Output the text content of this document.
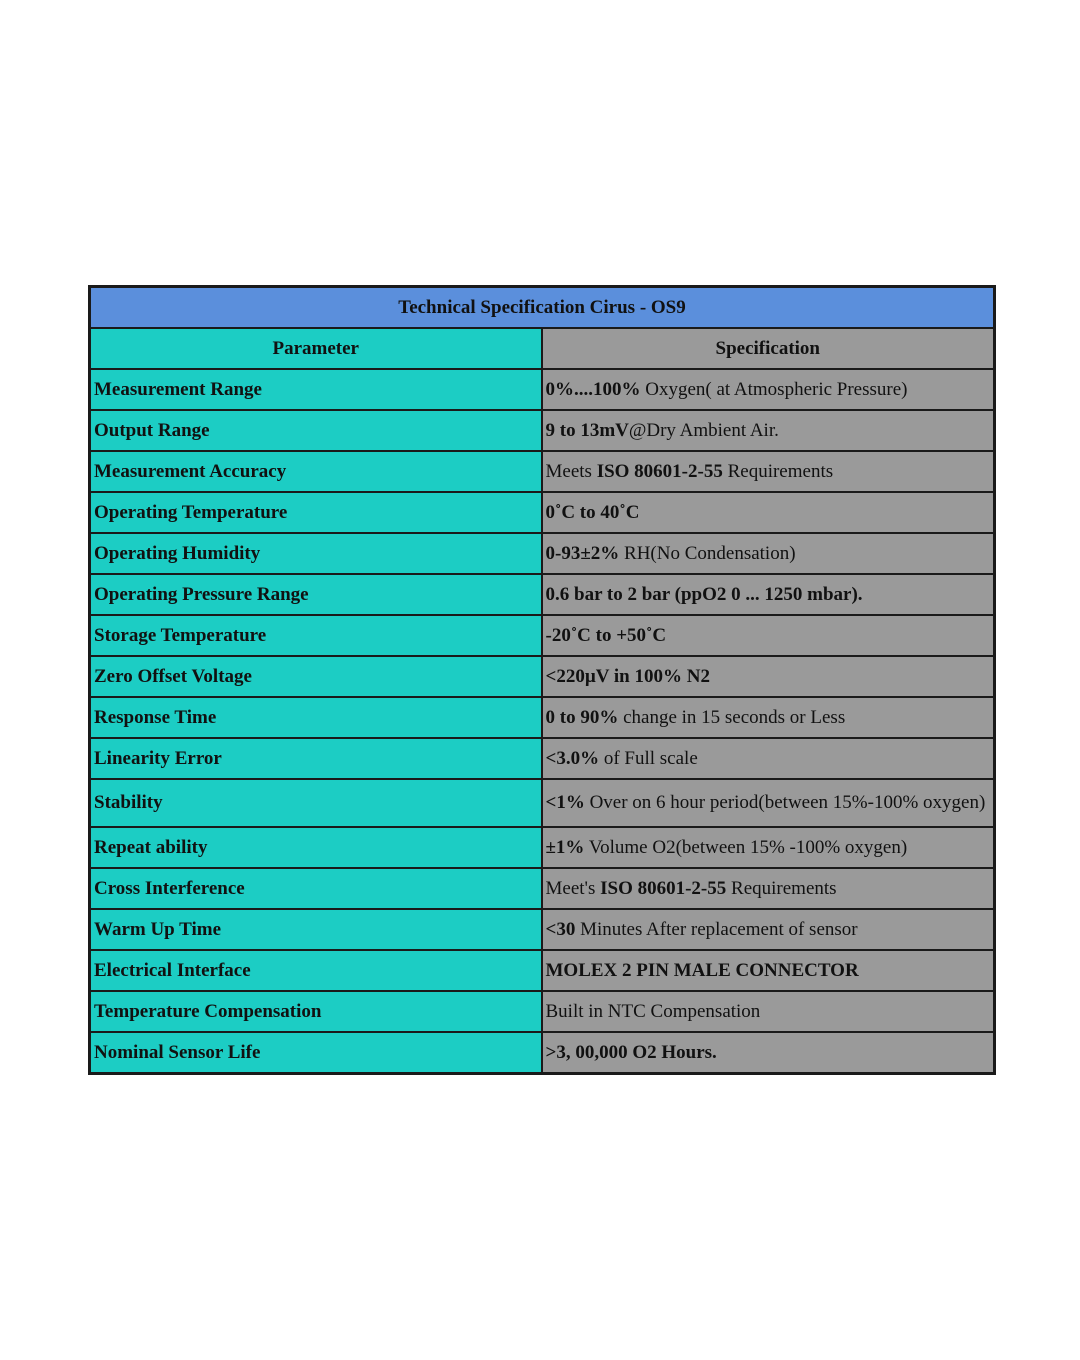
Technical Specification Cirus - OS9	
Parameter	Specification
Measurement Range	0%....100% Oxygen( at Atmospheric Pressure)
Output Range	9 to 13mV@Dry Ambient Air.
Measurement Accuracy	Meets ISO 80601-2-55 Requirements
Operating Temperature	0˚C to 40˚C
Operating Humidity	0-93±2% RH(No Condensation)
Operating Pressure Range	0.6 bar to 2 bar (ppO2 0 ... 1250 mbar).
Storage Temperature	-20˚C to +50˚C
Zero Offset Voltage	<220µV in 100% N2
Response Time	0 to 90% change in 15 seconds or Less
Linearity Error	<3.0% of Full scale
Stability	<1% Over on 6 hour period(between 15%-100% oxygen)
Repeat ability	±1% Volume O2(between 15% -100% oxygen)
Cross Interference	Meet's ISO 80601-2-55 Requirements
Warm Up Time	<30 Minutes After replacement of sensor
Electrical Interface	MOLEX 2 PIN MALE CONNECTOR
Temperature Compensation	Built in NTC Compensation
Nominal Sensor Life	>3, 00,000 O2 Hours.
